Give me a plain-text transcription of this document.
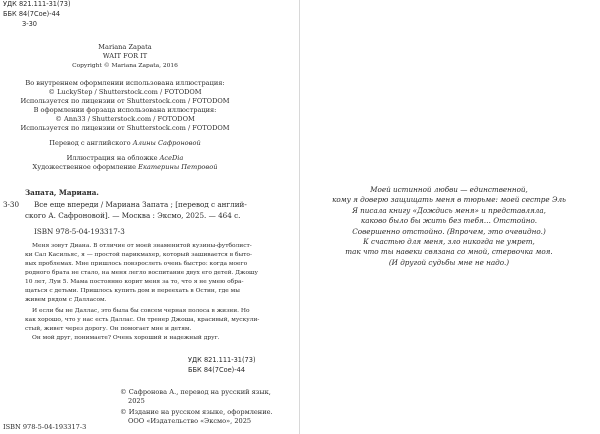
УДК 821.111-31(73)
ББК 84(7Сое)-44
З-30
Mariana Zapata
WAIT FOR IT
Copyright © Mariana Zapata, 2016
Во внутреннем оформлении использована иллюстрация:
© LuckyStep / Shutterstock.com / FOTODOM
Используется по лицензии от Shutterstock.com / FOTODOM
В оформлении форзаца использована иллюстрация:
© Ann33 / Shutterstock.com / FOTODOM
Используется по лицензии от Shutterstock.com / FOTODOM
Перевод с английского Алины Сафроновой
Иллюстрация на обложке AceDia
Художественное оформление Екатерины Петровой
Запата, Мариана.
З-30 Все еще впереди / Мариана Запата ; [перевод с англий-
ского А. Сафроновой]. — Москва : Эксмо, 2025. — 464 с.
ISBN 978-5-04-193317-3
Меня зовут Диана. В отличие от моей знаменитой кузины-футболист-
ки Сал Касильяс, я — простой парикмахер, который зашивается в быто-
вых проблемах. Мне пришлось повзрослеть очень быстро: когда моего
родного брата не стало, на меня легло воспитание двух его детей. Джошу
10 лет, Луи 5. Мама постоянно корит меня за то, что я не умею обра-
щаться с детьми. Пришлось купить дом и переехать в Остин, где мы
живем рядом с Далласом.
И если бы не Даллас, это была бы совсем черная полоса в жизни. Но
как хорошо, что у нас есть Даллас. Он тренер Джоша, красивый, мускули-
стый, живет через дорогу. Он помогает мне и детям.
Он мой друг, понимаете? Очень хороший и надежный друг.
УДК 821.111-31(73)
ББК 84(7Сое)-44
© Сафронова А., перевод на русский язык,
2025
© Издание на русском языке, оформление.
ООО «Издательство «Эксмо», 2025
ISBN 978-5-04-193317-3
Моей истинной любви — единственной,
кому я доверю защищать меня в тюрьме: моей сестре Эль
Я писала книгу «Дождись меня» и представляла,
каково было бы жить без тебя… Отстойно.
Совершенно отстойно. (Впрочем, это очевидно.)
К счастью для меня, зло никогда не умрет,
так что ты навеки связана со мной, стервочка моя.
(И другой судьбы мне не надо.)
